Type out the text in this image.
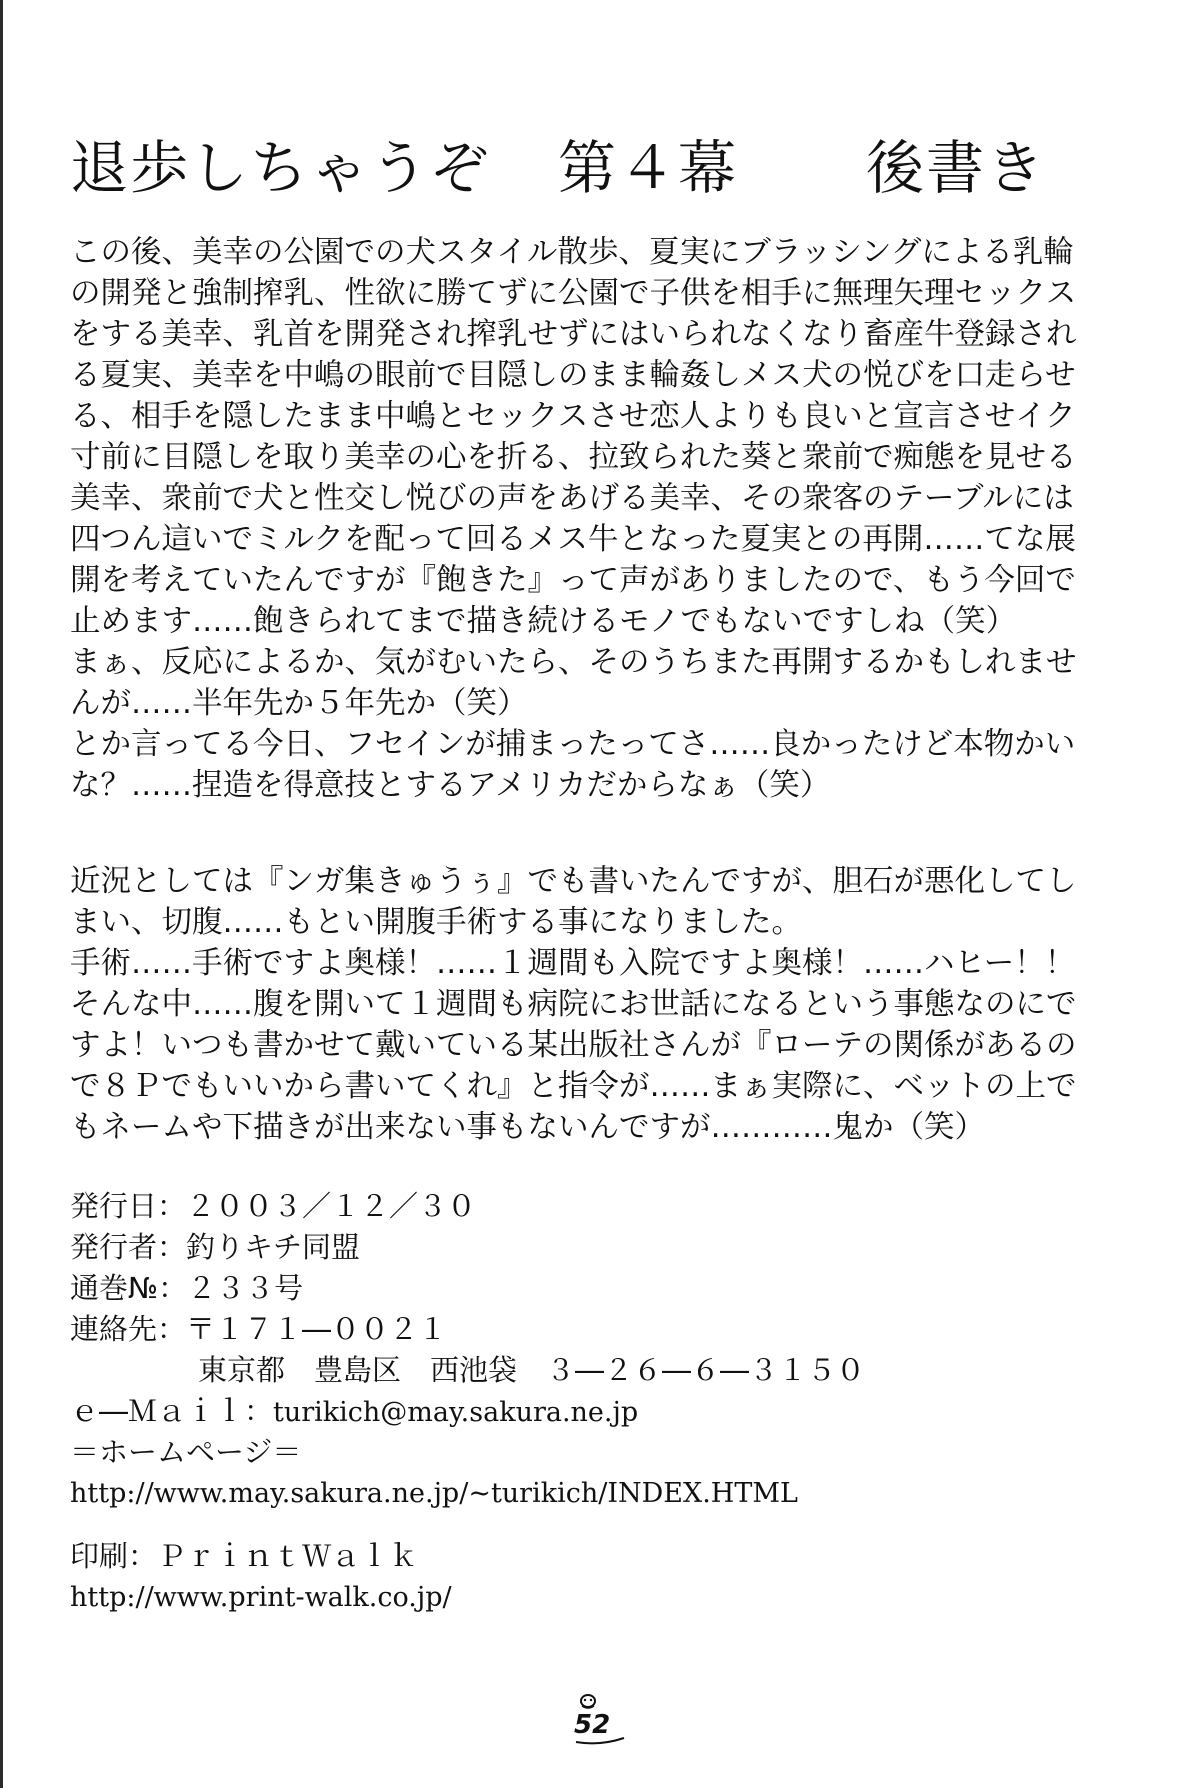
退歩しちゃうぞ 第４幕 後書き
この後、美幸の公園での犬スタイル散歩、夏実にブラッシングによる乳輪
の開発と強制搾乳、性欲に勝てずに公園で子供を相手に無理矢理セックス
をする美幸、乳首を開発され搾乳せずにはいられなくなり畜産牛登録され
る夏実、美幸を中嶋の眼前で目隠しのまま輪姦しメス犬の悦びを口走らせ
る、相手を隠したまま中嶋とセックスさせ恋人よりも良いと宣言させイク
寸前に目隠しを取り美幸の心を折る、拉致られた葵と衆前で痴態を見せる
美幸、衆前で犬と性交し悦びの声をあげる美幸、その衆客のテーブルには
四つん這いでミルクを配って回るメス牛となった夏実との再開……てな展
開を考えていたんですが『飽きた』って声がありましたので、もう今回で
止めます……飽きられてまで描き続けるモノでもないですしね（笑）
まぁ、反応によるか、気がむいたら、そのうちまた再開するかもしれませ
んが……半年先か５年先か（笑）
とか言ってる今日、フセインが捕まったってさ……良かったけど本物かい
な？……捏造を得意技とするアメリカだからなぁ（笑）
近況としては『ンガ集きゅうぅ』でも書いたんですが、胆石が悪化してし
まい、切腹……もとい開腹手術する事になりました。
手術……手術ですよ奥様！……１週間も入院ですよ奥様！……ハヒー！！
そんな中……腹を開いて１週間も病院にお世話になるという事態なのにで
すよ！いつも書かせて戴いている某出版社さんが『ローテの関係があるの
で８Ｐでもいいから書いてくれ』と指令が……まぁ実際に、ベットの上で
もネームや下描きが出来ない事もないんですが…………鬼か（笑）
発行日：２００３／１２／３０
発行者：釣りキチ同盟
通巻№：２３３号
連絡先：〒１７１―００２１
東京都　豊島区　西池袋　３―２６―６―３１５０
ｅ―Ｍａｉｌ：turikich@may.sakura.ne.jp
＝ホームページ＝
http://www.may.sakura.ne.jp/~turikich/INDEX.HTML
印刷：ＰｒｉｎｔＷａｌｋ
http://www.print-walk.co.jp/
52
